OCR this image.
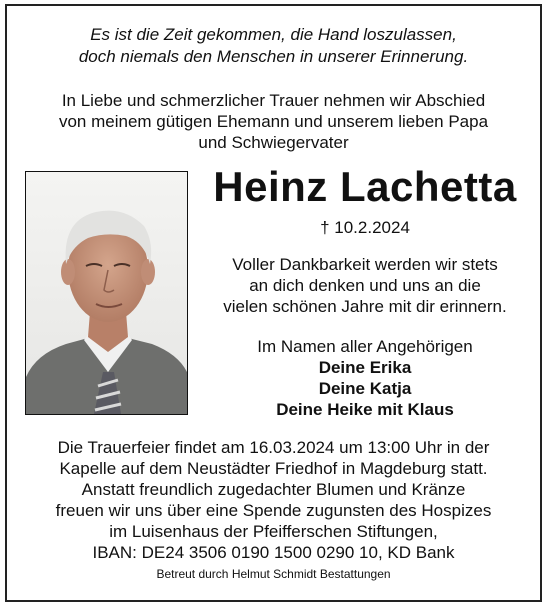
Es ist die Zeit gekommen, die Hand loszulassen,
doch niemals den Menschen in unserer Erinnerung.
In Liebe und schmerzlicher Trauer nehmen wir Abschied
von meinem gütigen Ehemann und unserem lieben Papa
und Schwiegervater
Heinz Lachetta
† 10.2.2024
Voller Dankbarkeit werden wir stets
an dich denken und uns an die
vielen schönen Jahre mit dir erinnern.
Im Namen aller Angehörigen
Deine Erika
Deine Katja
Deine Heike mit Klaus
Die Trauerfeier findet am 16.03.2024 um 13:00 Uhr in der
Kapelle auf dem Neustädter Friedhof in Magdeburg statt.
Anstatt freundlich zugedachter Blumen und Kränze
freuen wir uns über eine Spende zugunsten des Hospizes
im Luisenhaus der Pfeifferschen Stiftungen,
IBAN: DE24 3506 0190 1500 0290 10, KD Bank
Betreut durch Helmut Schmidt Bestattungen
